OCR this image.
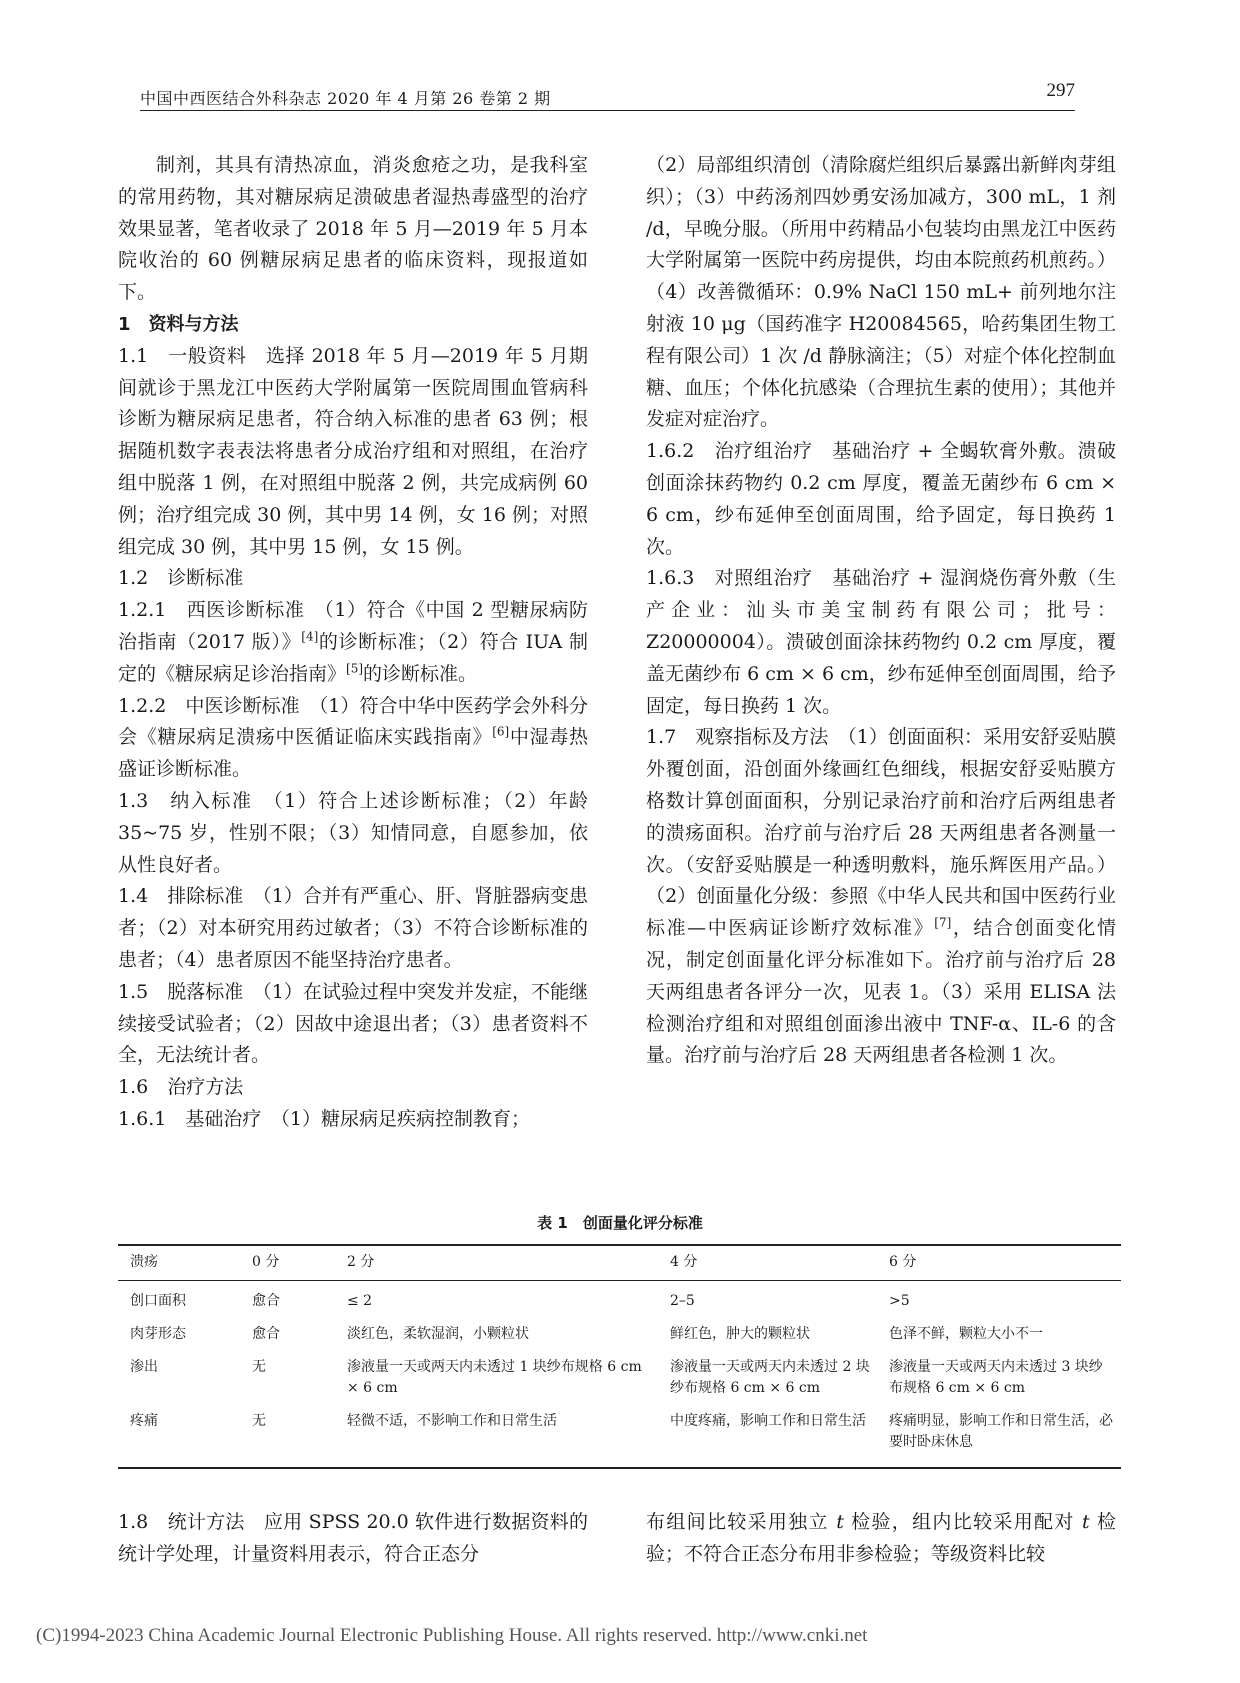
中国中西医结合外科杂志 2020 年 4 月第 26 卷第 2 期	297

制剂，其具有清热凉血，消炎愈疮之功，是我科室的常用药物，其对糖尿病足溃破患者湿热毒盛型的治疗效果显著，笔者收录了 2018 年 5 月—2019 年 5 月本院收治的 60 例糖尿病足患者的临床资料，现报道如下。

1　资料与方法

1.1　一般资料　 选择 2018 年 5 月—2019 年 5 月期间就诊于黑龙江中医药大学附属第一医院周围血管病科诊断为糖尿病足患者，符合纳入标准的患者 63 例；根据随机数字表表法将患者分成治疗组和对照组，在治疗组中脱落 1 例，在对照组中脱落 2 例，共完成病例 60 例；治疗组完成 30 例，其中男 14 例，女 16 例；对照组完成 30 例，其中男 15 例，女 15 例。

1.2　诊断标准

1.2.1　西医诊断标准　 （1）符合《中国 2 型糖尿病防治指南（2017 版）》[4]的诊断标准；（2）符合 IUA 制定的《糖尿病足诊治指南》[5]的诊断标准。

1.2.2　中医诊断标准　 （1）符合中华中医药学会外科分会《糖尿病足溃疡中医循证临床实践指南》[6]中湿毒热盛证诊断标准。

1.3　纳入标准　 （1）符合上述诊断标准；（2）年龄 35~75 岁，性别不限；（3）知情同意，自愿参加，依从性良好者。

1.4　排除标准　 （1）合并有严重心、肝、肾脏器病变患者；（2）对本研究用药过敏者；（3）不符合诊断标准的患者；（4）患者原因不能坚持治疗患者。

1.5　脱落标准　 （1）在试验过程中突发并发症，不能继续接受试验者；（2）因故中途退出者；（3）患者资料不全，无法统计者。

1.6　治疗方法

1.6.1　基础治疗　 （1）糖尿病足疾病控制教育；

（2）局部组织清创（清除腐烂组织后暴露出新鲜肉芽组织）；（3）中药汤剂四妙勇安汤加减方，300 mL，1 剂 /d，早晚分服。（所用中药精品小包装均由黑龙江中医药大学附属第一医院中药房提供，均由本院煎药机煎药。）（4）改善微循环：0.9% NaCl 150 mL+ 前列地尔注射液 10 μg（国药准字 H20084565，哈药集团生物工程有限公司）1 次 /d 静脉滴注；（5）对症个体化控制血糖、血压；个体化抗感染（合理抗生素的使用）；其他并发症对症治疗。

1.6.2　治疗组治疗　 基础治疗 + 全蝎软膏外敷。溃破创面涂抹药物约 0.2 cm 厚度，覆盖无菌纱布 6 cm × 6 cm，纱布延伸至创面周围，给予固定，每日换药 1 次。

1.6.3　对照组治疗　 基础治疗 + 湿润烧伤膏外敷（生产企业：汕头市美宝制药有限公司；批号：Z20000004）。溃破创面涂抹药物约 0.2 cm 厚度，覆盖无菌纱布 6 cm × 6 cm，纱布延伸至创面周围，给予固定，每日换药 1 次。

1.7　观察指标及方法　 （1）创面面积：采用安舒妥贴膜外覆创面，沿创面外缘画红色细线，根据安舒妥贴膜方格数计算创面面积，分别记录治疗前和治疗后两组患者的溃疡面积。治疗前与治疗后 28 天两组患者各测量一次。（安舒妥贴膜是一种透明敷料，施乐辉医用产品。）（2）创面量化分级：参照《中华人民共和国中医药行业标准—中医病证诊断疗效标准》[7]，结合创面变化情况，制定创面量化评分标准如下。治疗前与治疗后 28 天两组患者各评分一次，见表 1。（3）采用 ELISA 法检测治疗组和对照组创面渗出液中 TNF-α、IL-6 的含量。治疗前与治疗后 28 天两组患者各检测 1 次。

表 1　创面量化评分标准
溃疡	0 分	2 分	4 分	6 分
创口面积	愈合	≤ 2	2–5	>5
肉芽形态	愈合	淡红色，柔软湿润，小颗粒状	鲜红色，肿大的颗粒状	色泽不鲜，颗粒大小不一
渗出	无	渗液量一天或两天内未透过 1 块纱布规格 6 cm × 6 cm	渗液量一天或两天内未透过 2 块纱布规格 6 cm × 6 cm	渗液量一天或两天内未透过 3 块纱布规格 6 cm × 6 cm
疼痛	无	轻微不适，不影响工作和日常生活	中度疼痛，影响工作和日常生活	疼痛明显，影响工作和日常生活，必要时卧床休息

1.8　统计方法　 应用 SPSS 20.0 软件进行数据资料的统计学处理，计量资料用表示，符合正态分

布组间比较采用独立 t 检验，组内比较采用配对 t 检验；不符合正态分布用非参检验；等级资料比较

(C)1994-2023 China Academic Journal Electronic Publishing House. All rights reserved. http://www.cnki.net
